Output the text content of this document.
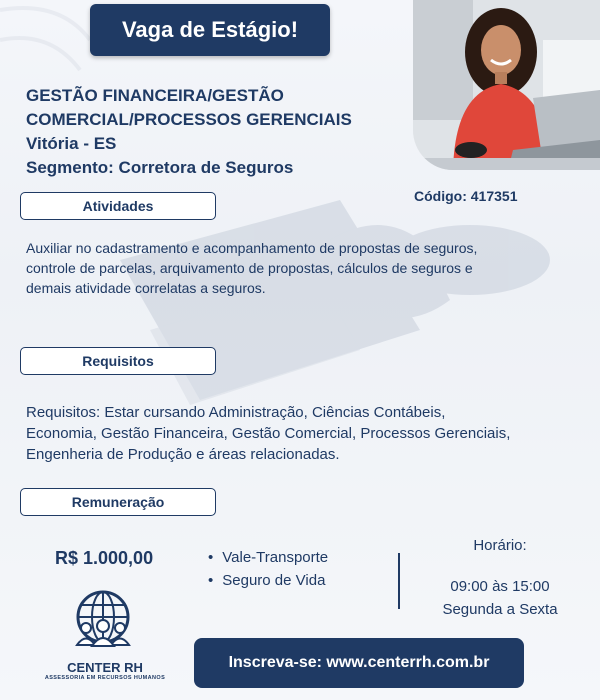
Vaga de Estágio!
GESTÃO FINANCEIRA/GESTÃO
COMERCIAL/PROCESSOS GERENCIAIS
Vitória - ES
Segmento: Corretora de Seguros
Código: 417351
Atividades
Auxiliar no cadastramento e acompanhamento de propostas de seguros,
controle de parcelas, arquivamento de propostas, cálculos de seguros e
demais atividade correlatas a seguros.
Requisitos
Requisitos: Estar cursando Administração, Ciências Contábeis,
Economia, Gestão Financeira, Gestão Comercial, Processos Gerenciais,
Engenheria de Produção e áreas relacionadas.
Remuneração
R$ 1.000,00
•	Vale-Transporte
• Seguro de Vida
Horário:
09:00 às 15:00
Segunda a Sexta
CENTER RH
ASSESSORIA EM RECURSOS HUMANOS
Inscreva-se: www.centerrh.com.br
